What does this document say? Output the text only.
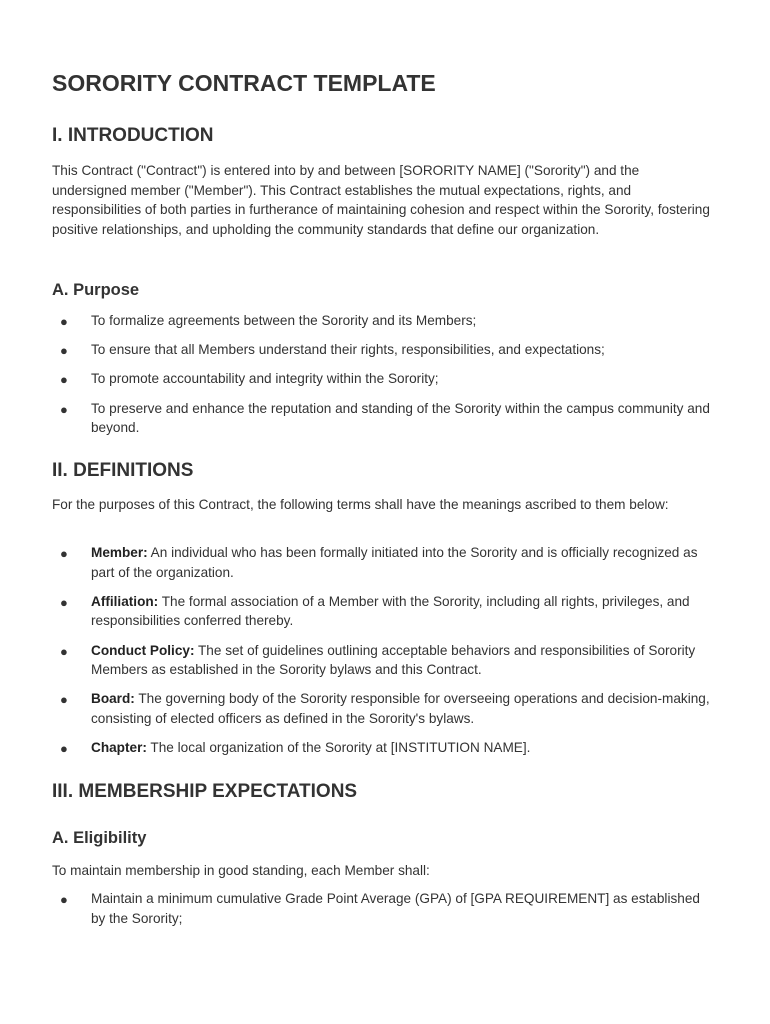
SORORITY CONTRACT TEMPLATE
I. INTRODUCTION

This Contract ("Contract") is entered into by and between [SORORITY NAME] ("Sorority") and the undersigned member ("Member"). This Contract establishes the mutual expectations, rights, and responsibilities of both parties in furtherance of maintaining cohesion and respect within the Sorority, fostering positive relationships, and upholding the community standards that define our organization.

A. Purpose
● To formalize agreements between the Sorority and its Members;
● To ensure that all Members understand their rights, responsibilities, and expectations;
● To promote accountability and integrity within the Sorority;
● To preserve and enhance the reputation and standing of the Sorority within the campus community and beyond.
II. DEFINITIONS

For the purposes of this Contract, the following terms shall have the meanings ascribed to them below:

● Member: An individual who has been formally initiated into the Sorority and is officially recognized as part of the organization.
● Affiliation: The formal association of a Member with the Sorority, including all rights, privileges, and responsibilities conferred thereby.
● Conduct Policy: The set of guidelines outlining acceptable behaviors and responsibilities of Sorority Members as established in the Sorority bylaws and this Contract.
● Board: The governing body of the Sorority responsible for overseeing operations and decision-making, consisting of elected officers as defined in the Sorority's bylaws.
● Chapter: The local organization of the Sorority at [INSTITUTION NAME].
III. MEMBERSHIP EXPECTATIONS
A. Eligibility

To maintain membership in good standing, each Member shall:

● Maintain a minimum cumulative Grade Point Average (GPA) of [GPA REQUIREMENT] as established by the Sorority;
